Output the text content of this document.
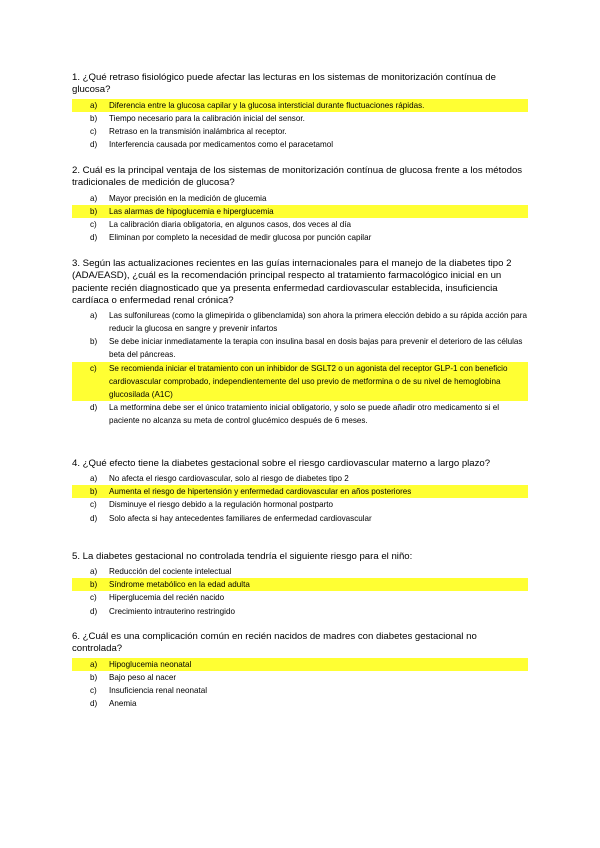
1. ¿Qué retraso fisiológico puede afectar las lecturas en los sistemas de monitorización contínua de glucosa?

a)	Diferencia entre la glucosa capilar y la glucosa intersticial durante fluctuaciones rápidas.
b) Tiempo necesario para la calibración inicial del sensor.
c) Retraso en la transmisión inalámbrica al receptor.
d) Interferencia causada por medicamentos como el paracetamol

2. Cuál es la principal ventaja de los sistemas de monitorización contínua de glucosa frente a los métodos tradicionales de medición de glucosa?

a) Mayor precisión en la medición de glucemia
b)	Las alarmas de hipoglucemia e hiperglucemia
c) La calibración diaria obligatoria, en algunos casos, dos veces al día
d) Eliminan por completo la necesidad de medir glucosa por punción capilar

3. Según las actualizaciones recientes en las guías internacionales para el manejo de la diabetes tipo 2 (ADA/EASD), ¿cuál es la recomendación principal respecto al tratamiento farmacológico inicial en un paciente recién diagnosticado que ya presenta enfermedad cardiovascular establecida, insuficiencia cardíaca o enfermedad renal crónica?

a) Las sulfonilureas (como la glimepirida o glibenclamida) son ahora la primera elección debido a su rápida acción para reducir la glucosa en sangre y prevenir infartos
b) Se debe iniciar inmediatamente la terapia con insulina basal en dosis bajas para prevenir el deterioro de las células beta del páncreas.
c)	Se recomienda iniciar el tratamiento con un inhibidor de SGLT2 o un agonista del receptor GLP-1 con beneficio cardiovascular comprobado, independientemente del uso previo de metformina o de su nivel de hemoglobina glucosilada (A1C)
d) La metformina debe ser el único tratamiento inicial obligatorio, y solo se puede añadir otro medicamento si el paciente no alcanza su meta de control glucémico después de 6 meses.

4. ¿Qué efecto tiene la diabetes gestacional sobre el riesgo cardiovascular materno a largo plazo?

a) No afecta el riesgo cardiovascular, solo al riesgo de diabetes tipo 2
b)	Aumenta el riesgo de hipertensión y enfermedad cardiovascular en años posteriores
c) Disminuye el riesgo debido a la regulación hormonal postparto
d) Solo afecta si hay antecedentes familiares de enfermedad cardiovascular

5. La diabetes gestacional no controlada tendría el siguiente riesgo para el niño:

a) Reducción del cociente intelectual
b)	Síndrome metabólico en la edad adulta
c) Hiperglucemia del recién nacido
d) Crecimiento intrauterino restringido

6. ¿Cuál es una complicación común en recién nacidos de madres con diabetes gestacional no controlada?

a)	Hipoglucemia neonatal
b) Bajo peso al nacer
c) Insuficiencia renal neonatal
d) Anemia
